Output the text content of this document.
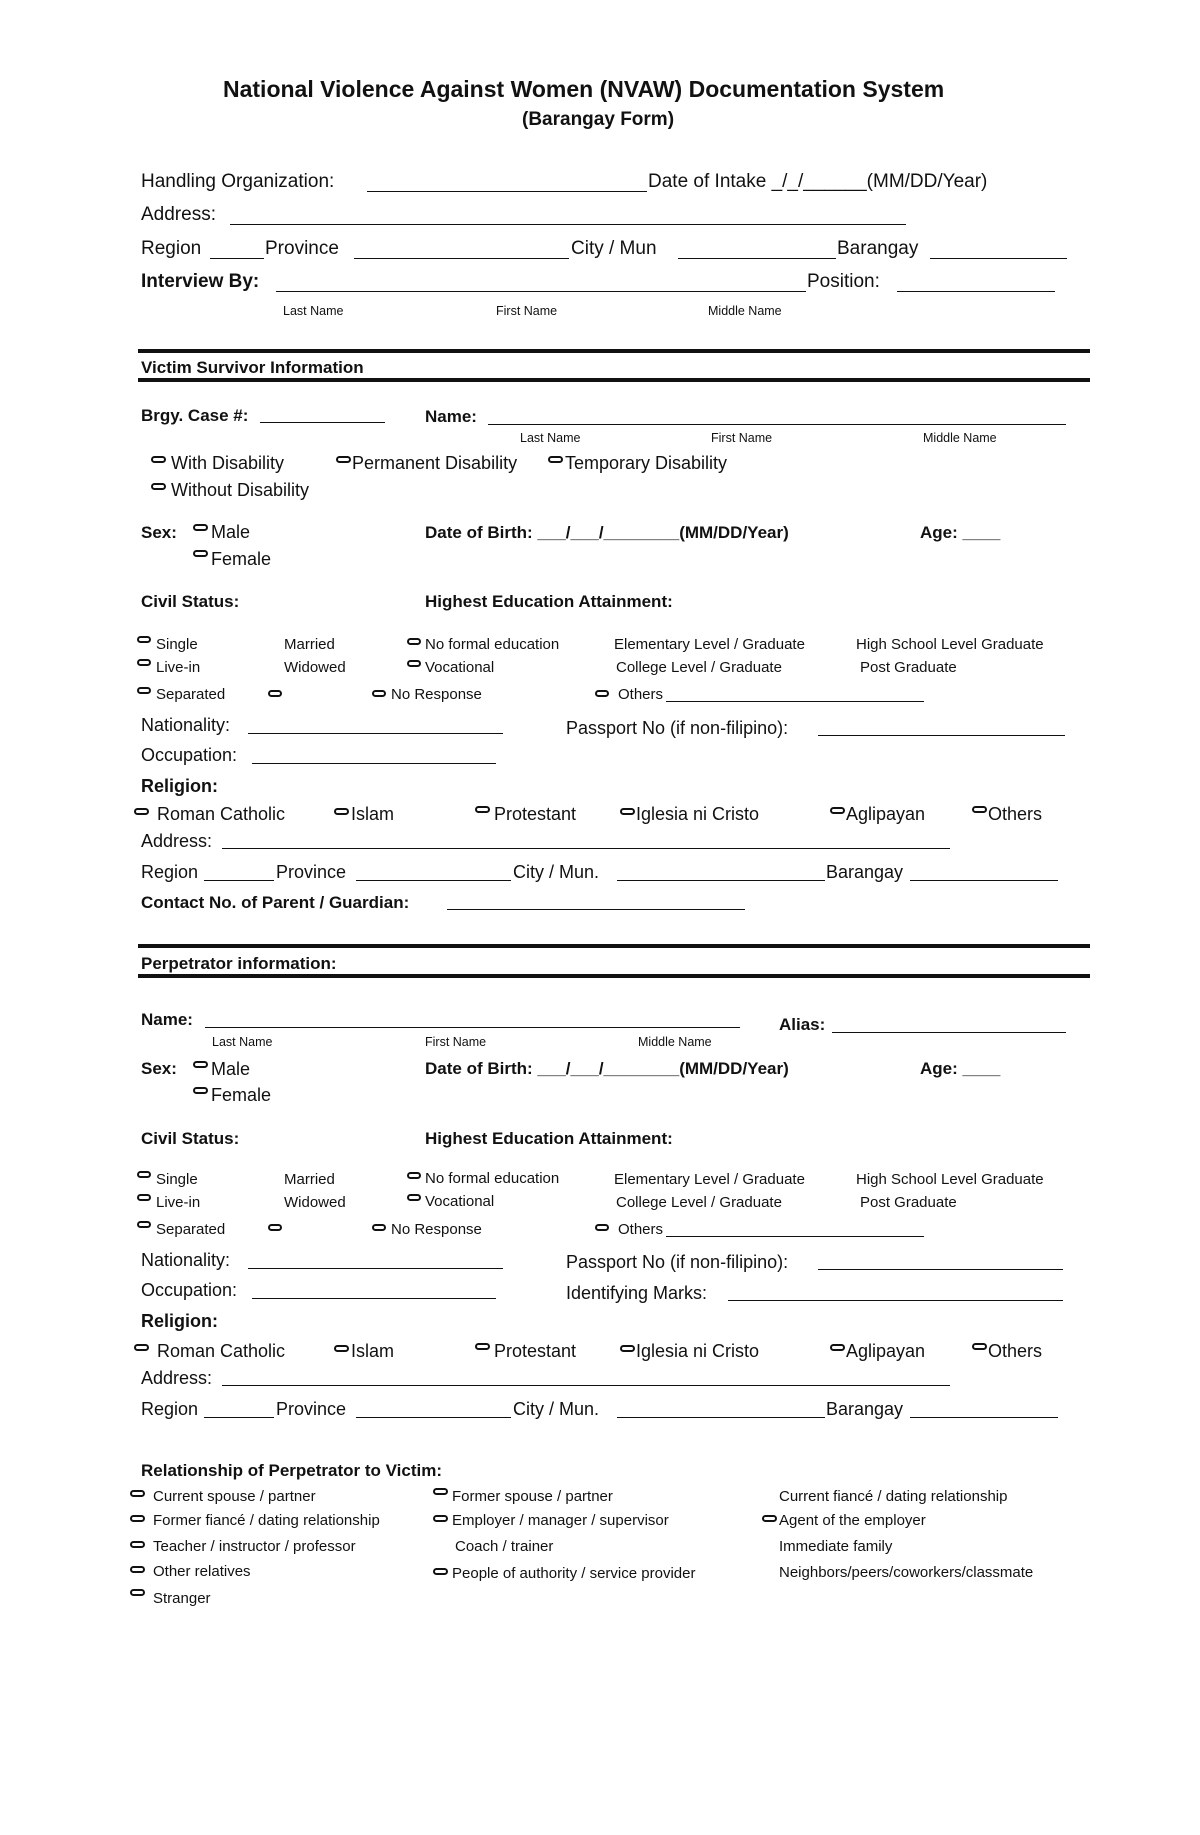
National Violence Against Women (NVAW) Documentation System
(Barangay Form)
Handling Organization:	Date of Intake _/_/______(MM/DD/Year)
Address:
Region	Province	City / Mun	Barangay
Interview By:	Position:
Last Name	First Name	Middle Name
Victim Survivor Information
Brgy. Case #:	Name:
Last Name	First Name	Middle Name
With Disability	Permanent Disability	Temporary Disability
Without Disability
Sex: Male
Female
Date of Birth: ___/___/________(MM/DD/Year)	Age: ____
Civil Status:	Highest Education Attainment:
Single	Married	No formal education	Elementary Level / Graduate	High School Level Graduate
Live-in	Widowed	Vocational	College Level / Graduate	Post Graduate
Separated	No Response	Others
Nationality:	Passport No (if non-filipino):
Occupation:
Religion:
Roman Catholic	Islam	Protestant	Iglesia ni Cristo	Aglipayan	Others
Address:
Region	Province	City / Mun.	Barangay
Contact No. of Parent / Guardian:
Perpetrator information:
Name:	Alias:
Last Name	First Name	Middle Name
Sex: Male
Female
Date of Birth: ___/___/________(MM/DD/Year)	Age: ____
Civil Status:	Highest Education Attainment:
Single	Married	No formal education	Elementary Level / Graduate	High School Level Graduate
Live-in	Widowed	Vocational	College Level / Graduate	Post Graduate
Separated	No Response	Others
Nationality:	Passport No (if non-filipino):
Occupation:	Identifying Marks:
Religion:
Roman Catholic	Islam	Protestant	Iglesia ni Cristo	Aglipayan	Others
Address:
Region	Province	City / Mun.	Barangay
Relationship of Perpetrator to Victim:
Current spouse / partner	Former spouse / partner	Current fiancé / dating relationship
Former fiancé / dating relationship	Employer / manager / supervisor	Agent of the employer
Teacher / instructor / professor	Coach / trainer	Immediate family
Other relatives	People of authority / service provider	Neighbors/peers/coworkers/classmate
Stranger
